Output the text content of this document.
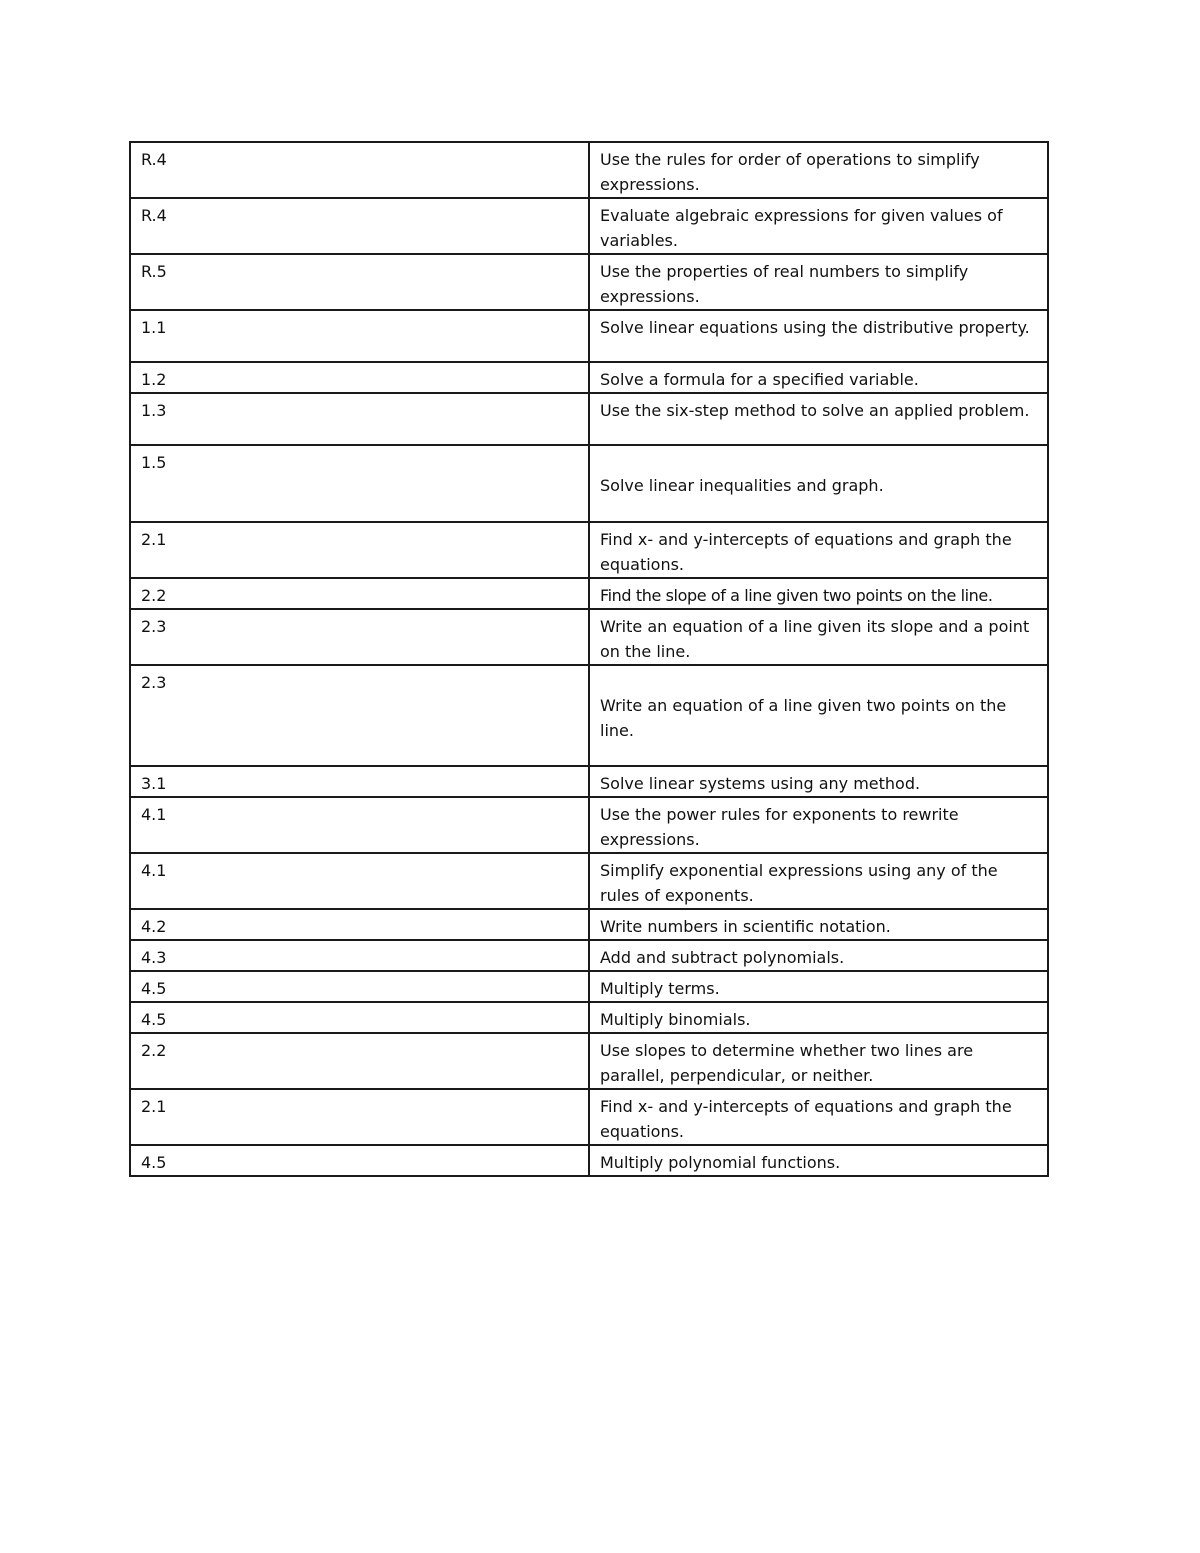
R.4	Use the rules for order of operations to simplify expressions.

R.4	Evaluate algebraic expressions for given values of variables.

R.5	Use the properties of real numbers to simplify expressions.

1.1	Solve linear equations using the distributive property.

1.2	Solve a formula for a specified variable.

1.3	Use the six-step method to solve an applied problem.

1.5	Solve linear inequalities and graph.

2.1	Find x- and y-intercepts of equations and graph the equations.

2.2	Find the slope of a line given two points on the line.

2.3	Write an equation of a line given its slope and a point on the line.

2.3	Write an equation of a line given two points on the line.

3.1	Solve linear systems using any method.

4.1	Use the power rules for exponents to rewrite expressions.

4.1	Simplify exponential expressions using any of the rules of exponents.

4.2	Write numbers in scientific notation.

4.3	Add and subtract polynomials.

4.5	Multiply terms.

4.5	Multiply binomials.

2.2	Use slopes to determine whether two lines are parallel, perpendicular, or neither.

2.1	Find x- and y-intercepts of equations and graph the equations.

4.5	Multiply polynomial functions.
